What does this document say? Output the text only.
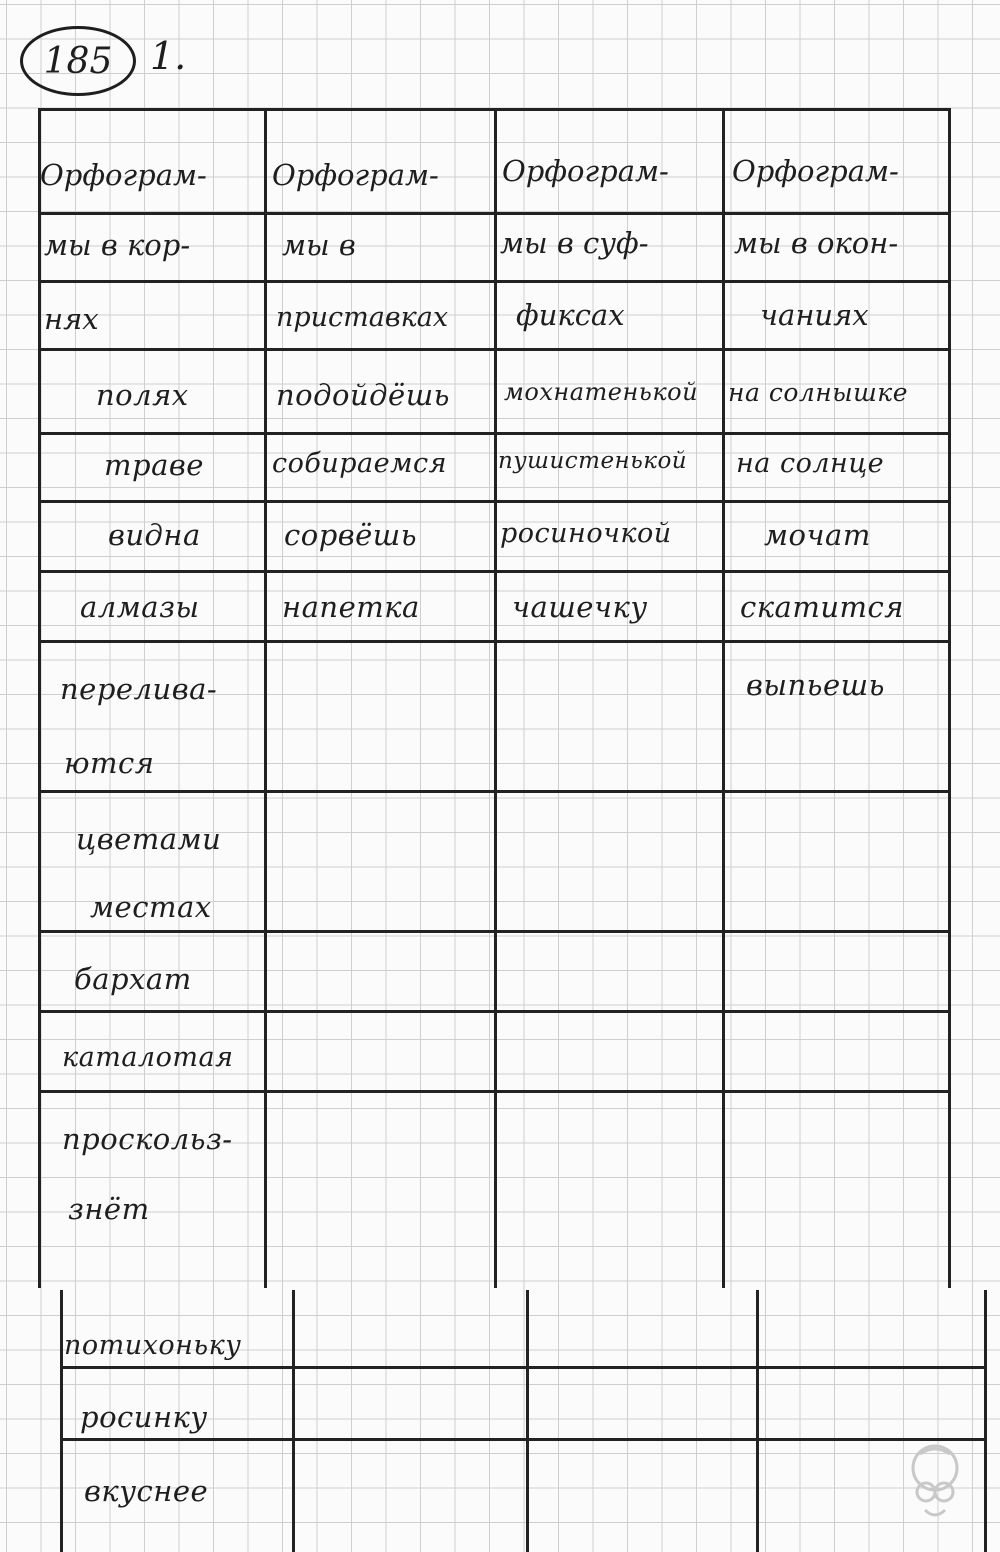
185 1.
Орфограм-
мы в кор-
нях
Орфограм-
мы в
приставках
Орфограм-
мы в суф-
фиксах
Орфограм-
мы в окон-
чаниях
полях
траве
видна
алмазы
перелива-
ются
цветами
местах
бархат
каталотая
проскольз-
знёт
подойдёшь
собираемся
сорвёшь
напетка
мохнатенькой
пушистенькой
росиночкой
чашечку
на солнышке
на солнце
мочат
скатится
выпьешь
потихоньку
росинку
вкуснее
